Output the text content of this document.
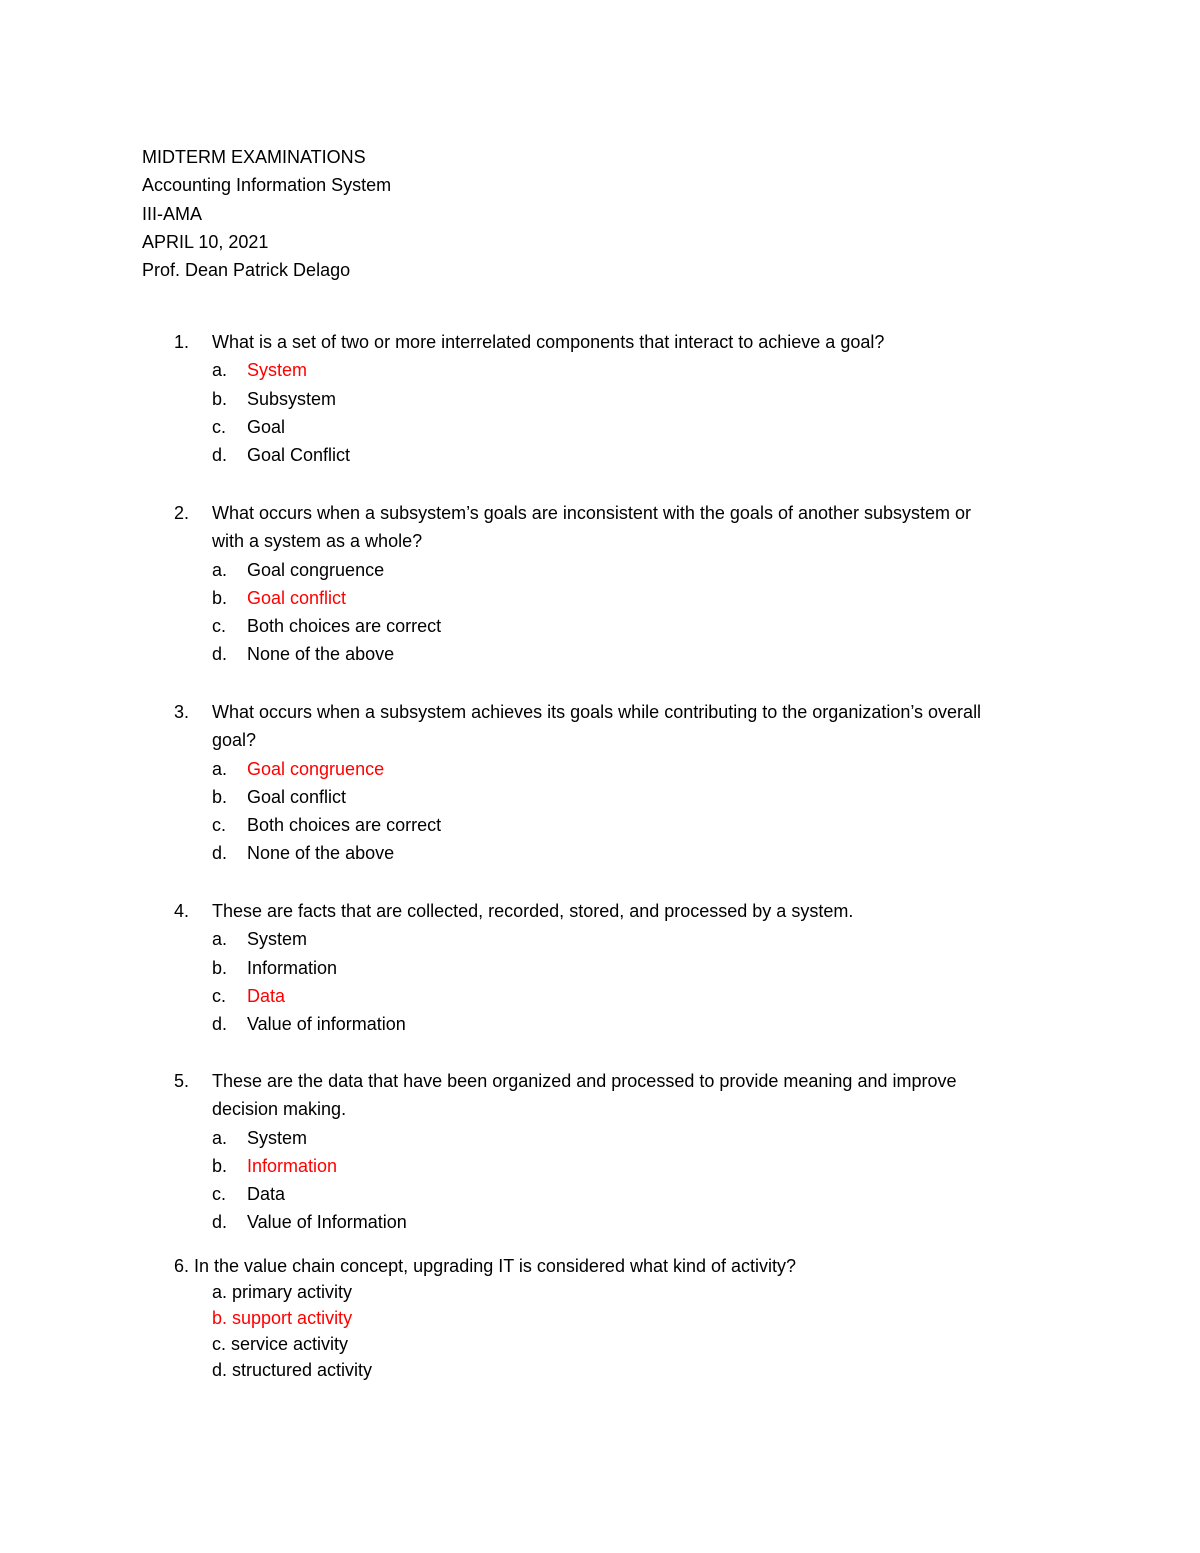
MIDTERM EXAMINATIONS
Accounting Information System
III-AMA
APRIL 10, 2021
Prof. Dean Patrick Delago
1. What is a set of two or more interrelated components that interact to achieve a goal?
a. System
b. Subsystem
c. Goal
d. Goal Conflict
2. What occurs when a subsystem’s goals are inconsistent with the goals of another subsystem or
with a system as a whole?
a. Goal congruence
b. Goal conflict
c. Both choices are correct
d. None of the above
3. What occurs when a subsystem achieves its goals while contributing to the organization’s overall
goal?
a. Goal congruence
b. Goal conflict
c. Both choices are correct
d. None of the above
4. These are facts that are collected, recorded, stored, and processed by a system.
a. System
b. Information
c. Data
d. Value of information
5. These are the data that have been organized and processed to provide meaning and improve
decision making.
a. System
b. Information
c. Data
d. Value of Information
6. In the value chain concept, upgrading IT is considered what kind of activity?
a. primary activity
b. support activity
c. service activity
d. structured activity
